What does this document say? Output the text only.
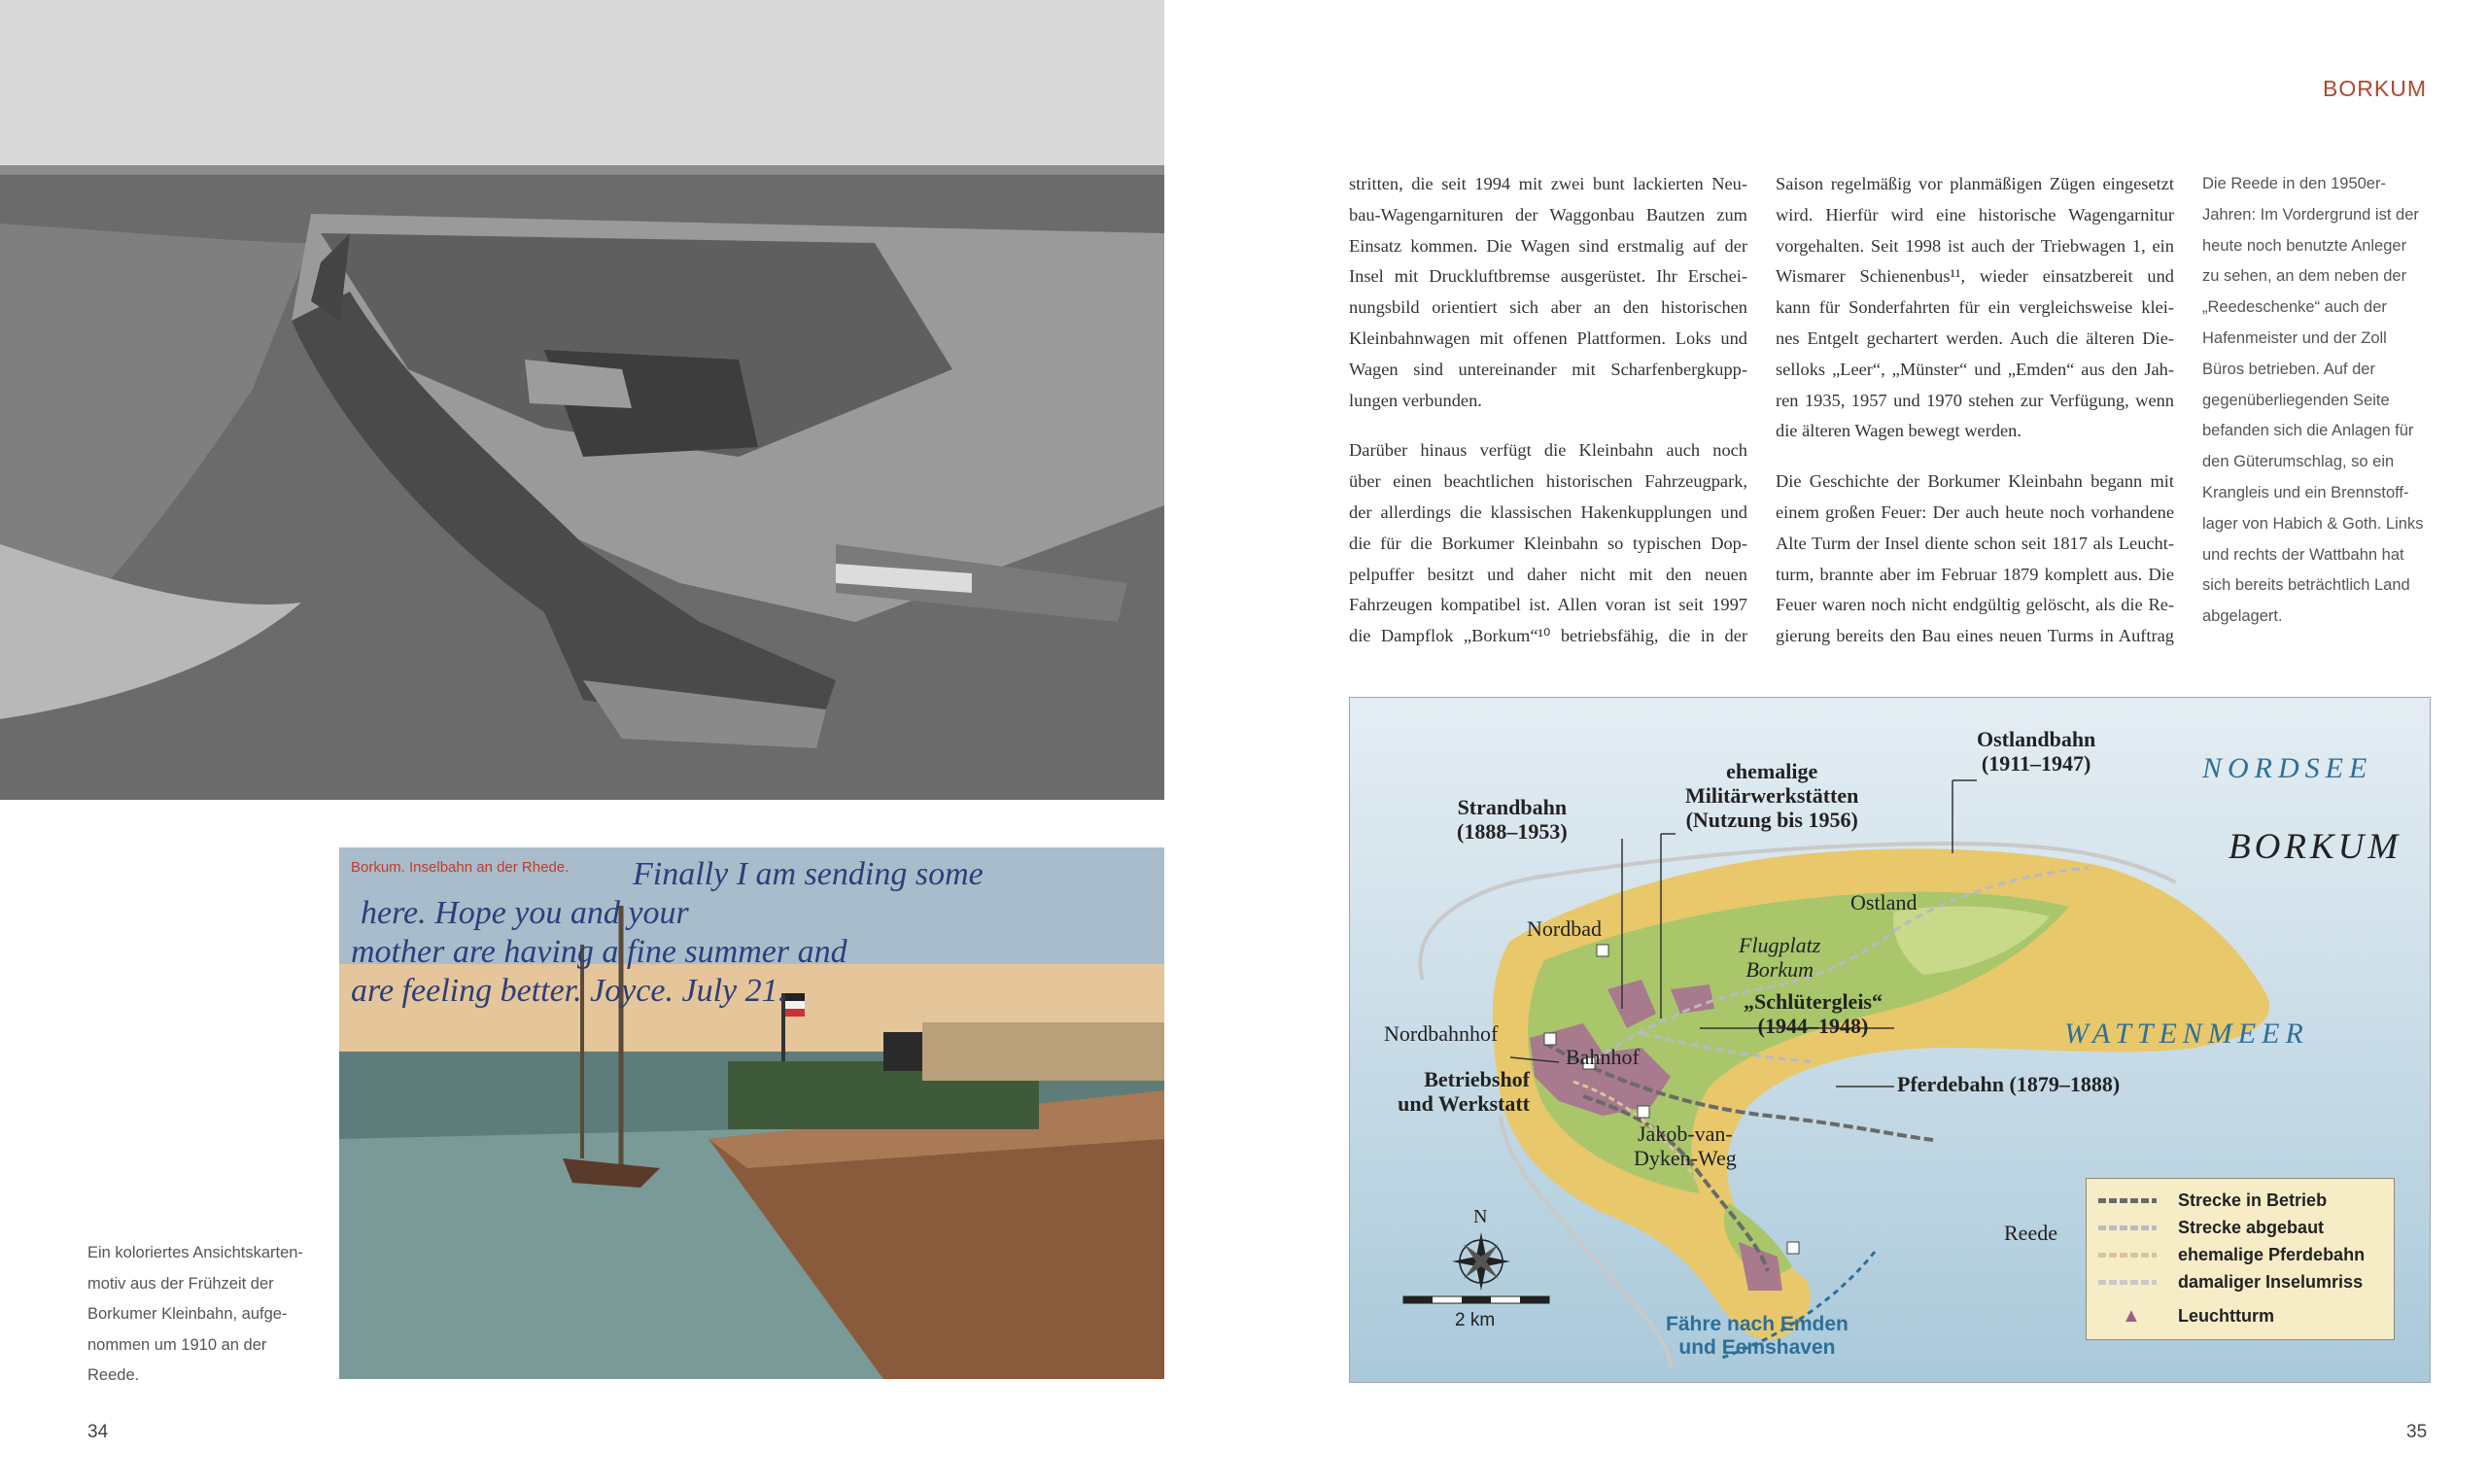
Borkum. Inselbahn an der Rhede.	Finally I am sending some
here. Hope you and your
mother are having a fine summer and
are feeling better. Joyce. July 21.
Ein koloriertes Ansichtskarten-
motiv aus der Frühzeit der
Borkumer Kleinbahn, aufge-
nommen um 1910 an der
Reede.
34
BORKUM
stritten, die seit 1994 mit zwei bunt lackierten Neu-
bau-Wagengarnituren der Waggonbau Bautzen zum
Einsatz kommen. Die Wagen sind erstmalig auf der
Insel mit Druckluftbremse ausgerüstet. Ihr Erschei-
nungsbild orientiert sich aber an den historischen
Kleinbahnwagen mit offenen Plattformen. Loks und
Wagen sind untereinander mit Scharfenbergkupp-
lungen verbunden.
Darüber hinaus verfügt die Kleinbahn auch noch
über einen beachtlichen historischen Fahrzeugpark,
der allerdings die klassischen Hakenkupplungen und
die für die Borkumer Kleinbahn so typischen Dop-
pelpuffer besitzt und daher nicht mit den neuen
Fahrzeugen kompatibel ist. Allen voran ist seit 1997
die Dampflok „Borkum“¹⁰ betriebsfähig, die in der
Saison regelmäßig vor planmäßigen Zügen eingesetzt
wird. Hierfür wird eine historische Wagengarnitur
vorgehalten. Seit 1998 ist auch der Triebwagen 1, ein
Wismarer Schienenbus¹¹, wieder einsatzbereit und
kann für Sonderfahrten für ein vergleichsweise klei-
nes Entgelt gechartert werden. Auch die älteren Die-
selloks „Leer“, „Münster“ und „Emden“ aus den Jah-
ren 1935, 1957 und 1970 stehen zur Verfügung, wenn
die älteren Wagen bewegt werden.
Die Geschichte der Borkumer Kleinbahn begann mit
einem großen Feuer: Der auch heute noch vorhandene
Alte Turm der Insel diente schon seit 1817 als Leucht-
turm, brannte aber im Februar 1879 komplett aus. Die
Feuer waren noch nicht endgültig gelöscht, als die Re-
gierung bereits den Bau eines neuen Turms in Auftrag
Die Reede in den 1950er-
Jahren: Im Vordergrund ist der
heute noch benutzte Anleger
zu sehen, an dem neben der
„Reedeschenke“ auch der
Hafenmeister und der Zoll
Büros betrieben. Auf der
gegenüberliegenden Seite
befanden sich die Anlagen für
den Güterumschlag, so ein
Krangleis und ein Brennstoff-
lager von Habich & Goth. Links
und rechts der Wattbahn hat
sich bereits beträchtlich Land
abgelagert.
NORDSEE
BORKUM
WATTENMEER
Strandbahn
(1888–1953)
ehemalige
Militärwerkstätten
(Nutzung bis 1956)
Ostlandbahn
(1911–1947)
Nordbad
Ostland
Flugplatz
Borkum
„Schlütergleis“
(1944–1948)
Nordbahnhof
Bahnhof
Betriebshof
und Werkstatt
Pferdebahn (1879–1888)
Jakob-van-
Dyken-Weg
Reede
Fähre nach Emden
und Eemshaven
N
2 km
Strecke in Betrieb
Strecke abgebaut
ehemalige Pferdebahn
damaliger Inselumriss
▲ Leuchtturm
35
